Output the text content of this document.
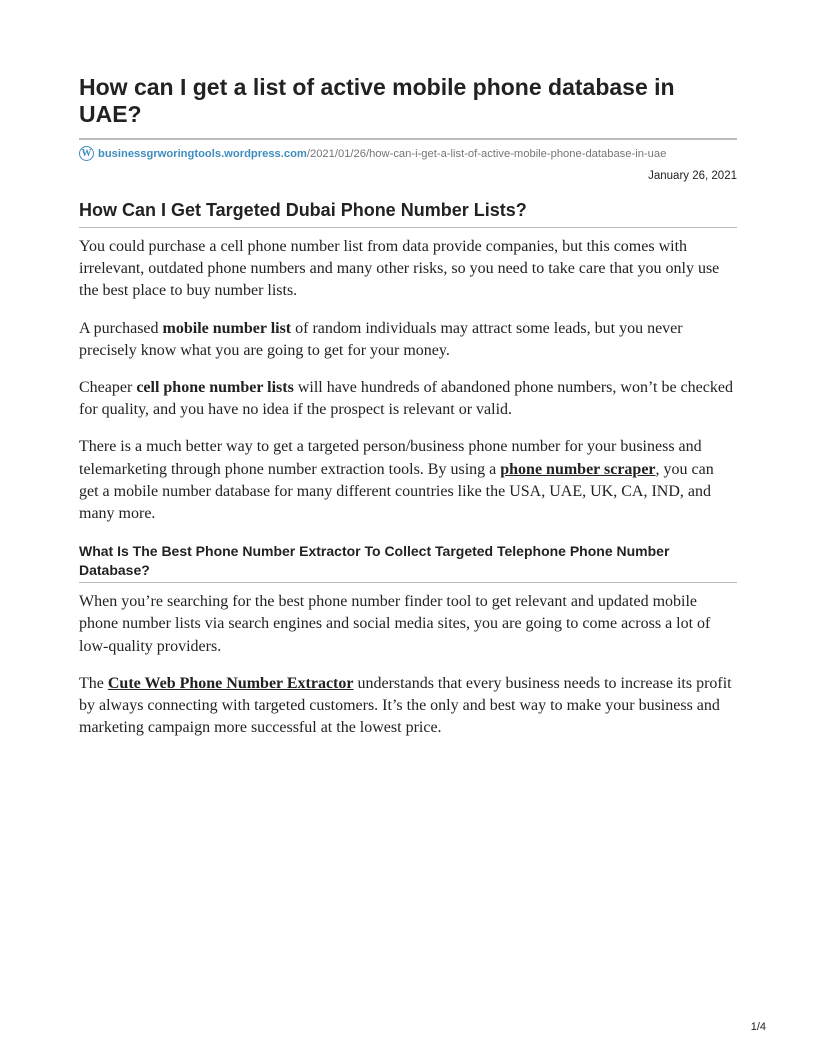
How can I get a list of active mobile phone database in UAE?
W businessgrworingtools.wordpress.com /2021/01/26/how-can-i-get-a-list-of-active-mobile-phone-database-in-uae
January 26, 2021
How Can I Get Targeted Dubai Phone Number Lists?

You could purchase a cell phone number list from data provide companies, but this comes with irrelevant, outdated phone numbers and many other risks, so you need to take care that you only use the best place to buy number lists.

A purchased mobile number list of random individuals may attract some leads, but you never precisely know what you are going to get for your money.

Cheaper cell phone number lists will have hundreds of abandoned phone numbers, won’t be checked for quality, and you have no idea if the prospect is relevant or valid.

There is a much better way to get a targeted person/business phone number for your business and telemarketing through phone number extraction tools. By using a phone number scraper, you can get a mobile number database for many different countries like the USA, UAE, UK, CA, IND, and many more.

What Is The Best Phone Number Extractor To Collect Targeted Telephone Phone Number Database?

When you’re searching for the best phone number finder tool to get relevant and updated mobile phone number lists via search engines and social media sites, you are going to come across a lot of low-quality providers.

The Cute Web Phone Number Extractor understands that every business needs to increase its profit by always connecting with targeted customers. It’s the only and best way to make your business and marketing campaign more successful at the lowest price.

1/4
